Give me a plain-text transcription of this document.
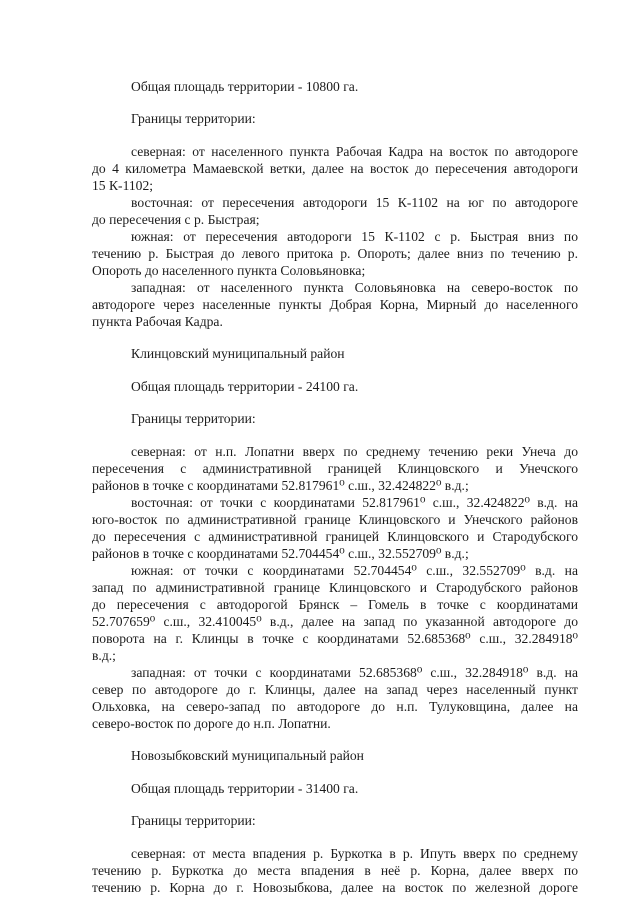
Общая площадь территории - 10800 га.
Границы территории:
северная: от населенного пункта Рабочая Кадра на восток по автодороге
до 4 километра Мамаевской ветки, далее на восток до пересечения автодороги
15 К-1102;
восточная: от пересечения автодороги 15 К-1102 на юг по автодороге
до пересечения с р. Быстрая;
южная: от пересечения автодороги 15 К-1102 с р. Быстрая вниз по
течению р. Быстрая до левого притока р. Опороть; далее вниз по течению р.
Опороть до населенного пункта Соловьяновка;
западная: от населенного пункта Соловьяновка на северо-восток по
автодороге через населенные пункты Добрая Корна, Мирный до населенного
пункта Рабочая Кадра.
Клинцовский муниципальный район
Общая площадь территории - 24100 га.
Границы территории:
северная: от н.п. Лопатни вверх по среднему течению реки Унеча до
пересечения с административной границей Клинцовского и Унечского
районов в точке с координатами 52.817961⁰ с.ш., 32.424822⁰ в.д.;
восточная: от точки с координатами 52.817961⁰ с.ш., 32.424822⁰ в.д. на
юго-восток по административной границе Клинцовского и Унечского районов
до пересечения с административной границей Клинцовского и Стародубского
районов в точке с координатами 52.704454⁰ с.ш., 32.552709⁰ в.д.;
южная: от точки с координатами 52.704454⁰ с.ш., 32.552709⁰ в.д. на
запад по административной границе Клинцовского и Стародубского районов
до пересечения с автодорогой Брянск – Гомель в точке с координатами
52.707659⁰ с.ш., 32.410045⁰ в.д., далее на запад по указанной автодороге до
поворота на г. Клинцы в точке с координатами 52.685368⁰ с.ш., 32.284918⁰
в.д.;
западная: от точки с координатами 52.685368⁰ с.ш., 32.284918⁰ в.д. на
север по автодороге до г. Клинцы, далее на запад через населенный пункт
Ольховка, на северо-запад по автодороге до н.п. Тулуковщина, далее на
северо-восток по дороге до н.п. Лопатни.
Новозыбковский муниципальный район
Общая площадь территории - 31400 га.
Границы территории:
северная: от места впадения р. Буркотка в р. Ипуть вверх по среднему
течению р. Буркотка до места впадения в неё р. Корна, далее вверх по
течению р. Корна до г. Новозыбкова, далее на восток по железной дороге
